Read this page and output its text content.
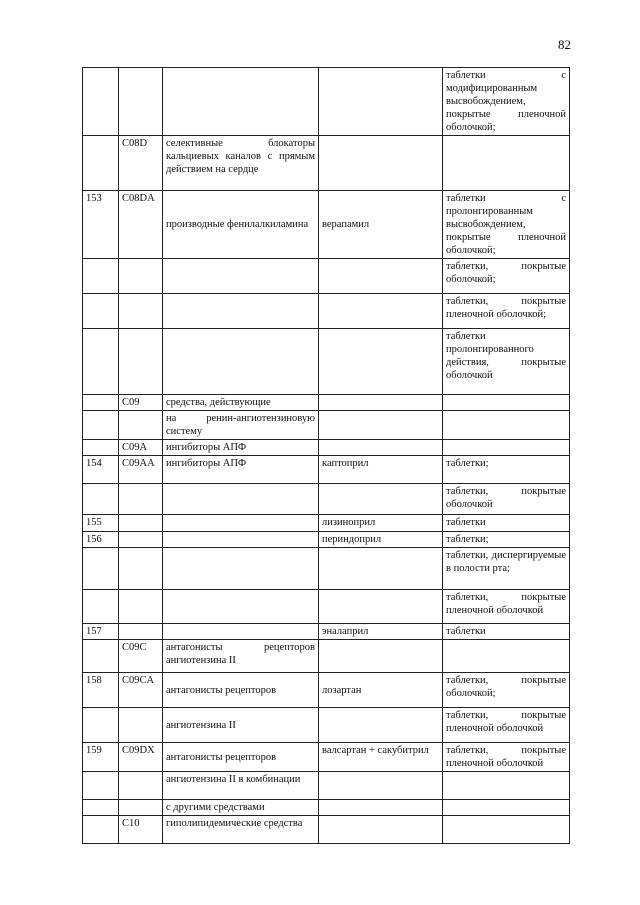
82
				таблетки с модифицированным высвобождением, покрытые пленочной оболочкой;
	C08D	селективные блокаторы кальциевых каналов с прямым действием на сердце		
153	C08DA	производные фенилалкиламина	верапамил	таблетки с пролонгированным высвобождением, покрытые пленочной оболочкой;
				таблетки, покрытые оболочкой;
				таблетки, покрытые пленочной оболочкой;
				таблетки пролонгированного действия, покрытые оболочкой
	C09	средства, действующие		
		на ренин-ангиотензиновую систему		
	C09A	ингибиторы АПФ		
154	C09AA	ингибиторы АПФ	каптоприл	таблетки;
				таблетки, покрытые оболочкой
155			лизиноприл	таблетки
156			периндоприл	таблетки;
				таблетки, диспергируемые в полости рта;
				таблетки, покрытые пленочной оболочкой
157			эналаприл	таблетки
	C09C	антагонисты рецепторов ангиотензина II		
158	C09CA	антагонисты рецепторов	лозартан	таблетки, покрытые оболочкой;
		ангиотензина II		таблетки, покрытые пленочной оболочкой
159	C09DX	антагонисты рецепторов	валсартан + сакубитрил	таблетки, покрытые пленочной оболочкой
		ангиотензина II в комбинации		
		с другими средствами		
	C10	гиполипидемические средства		
